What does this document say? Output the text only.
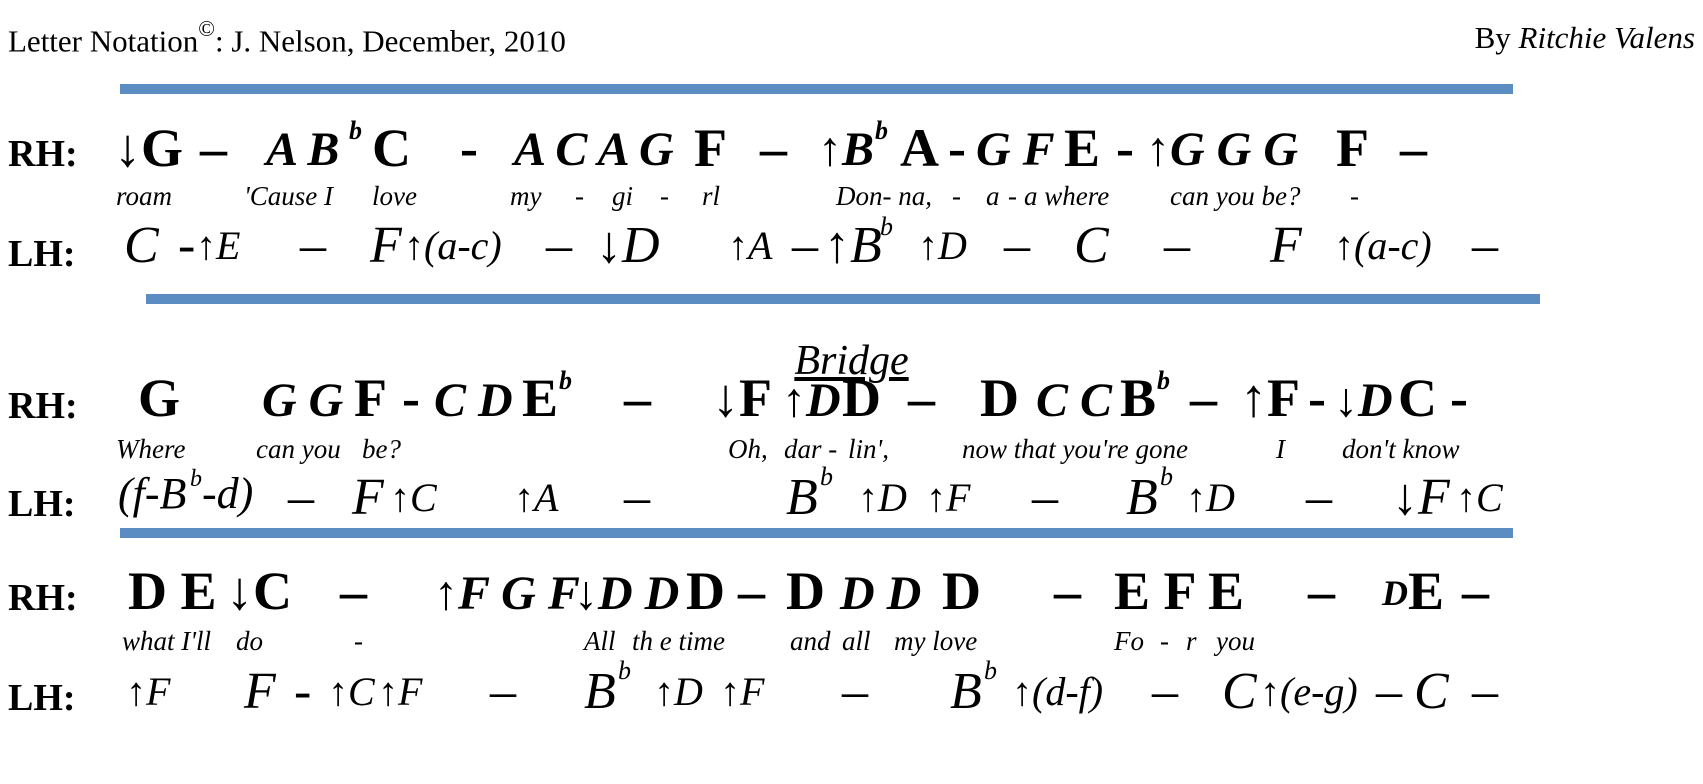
Letter Notation©: J. Nelson, December, 2010	By Ritchie Valens
RH:
LH:
↓G – A B b C - A C A G F – ↑B b A - G F E - ↑G G G F –
roam	'Cause I love	my - gi - rl	Don- na, - a - a where can you be? -
C - ↑E – F ↑(a-c) – ↓D ↑A – ↑B
b ↑D – C – F ↑(a-c) –
Bridge
RH:
LH:
G G G F - C D E b – ↓F ↑D D – D C C B b – ↑F - ↓D C -
Where	can you be?	Oh, dar - lin',	now that you're gone	I don't know
(f-B b -d) – F ↑C ↑A –	B b ↑D ↑F – B b ↑D – ↓F ↑C
RH:
LH:
D E ↓C – ↑F G F
↓D D D – D D D D – E F E – D E –
what I'll do	-	All th e time and all my love	Fo - r you
↑F F - ↑C ↑F – B b ↑D ↑F – B b ↑(d-f) – C ↑(e-g) – C –
